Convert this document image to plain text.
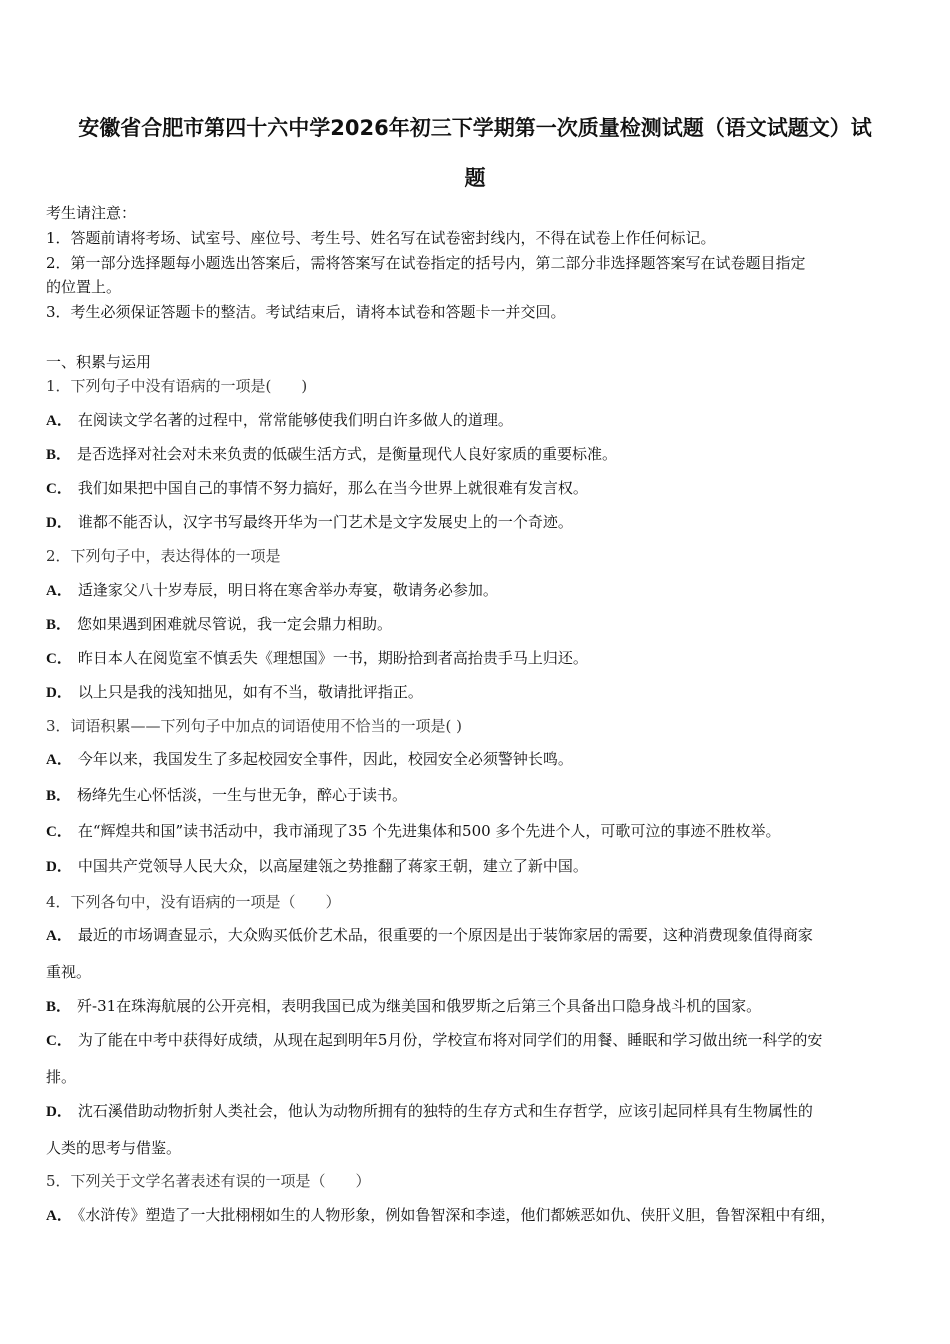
安徽省合肥市第四十六中学2026年初三下学期第一次质量检测试题（语文试题文）试
题
考生请注意：
1．答题前请将考场、试室号、座位号、考生号、姓名写在试卷密封线内，不得在试卷上作任何标记。
2．第一部分选择题每小题选出答案后，需将答案写在试卷指定的括号内，第二部分非选择题答案写在试卷题目指定
的位置上。
3．考生必须保证答题卡的整洁。考试结束后，请将本试卷和答题卡一并交回。
一、积累与运用
1．下列句子中没有语病的一项是(　　)
A． 在阅读文学名著的过程中，常常能够使我们明白许多做人的道理。
B． 是否选择对社会对未来负责的低碳生活方式，是衡量现代人良好家质的重要标准。
C． 我们如果把中国自己的事情不努力搞好，那么在当今世界上就很难有发言权。
D． 谁都不能否认，汉字书写最终开华为一门艺术是文字发展史上的一个奇迹。
2．下列句子中，表达得体的一项是
A． 适逢家父八十岁寿辰，明日将在寒舍举办寿宴，敬请务必参加。
B． 您如果遇到困难就尽管说，我一定会鼎力相助。
C． 昨日本人在阅览室不慎丢失《理想国》一书，期盼拾到者高抬贵手马上归还。
D． 以上只是我的浅知拙见，如有不当，敬请批评指正。
3．词语积累——下列句子中加点的词语使用不恰当的一项是( )
A． 今年以来，我国发生了多起校园安全事件，因此，校园安全必须警钟长鸣。
B． 杨绛先生心怀恬淡，一生与世无争，醉心于读书。
C． 在“辉煌共和国”读书活动中，我市涌现了35 个先进集体和500 多个先进个人，可歌可泣的事迹不胜枚举。
D． 中国共产党领导人民大众，以高屋建瓴之势推翻了蒋家王朝，建立了新中国。
4．下列各句中，没有语病的一项是（　　）
A． 最近的市场调查显示，大众购买低价艺术品，很重要的一个原因是出于装饰家居的需要，这种消费现象值得商家
重视。
B． 歼-31在珠海航展的公开亮相，表明我国已成为继美国和俄罗斯之后第三个具备出口隐身战斗机的国家。
C． 为了能在中考中获得好成绩，从现在起到明年5月份，学校宣布将对同学们的用餐、睡眠和学习做出统一科学的安
排。
D． 沈石溪借助动物折射人类社会，他认为动物所拥有的独特的生存方式和生存哲学，应该引起同样具有生物属性的
人类的思考与借鉴。
5．下列关于文学名著表述有误的一项是（　　）
A． 《水浒传》塑造了一大批栩栩如生的人物形象，例如鲁智深和李逵，他们都嫉恶如仇、侠肝义胆，鲁智深粗中有细，
